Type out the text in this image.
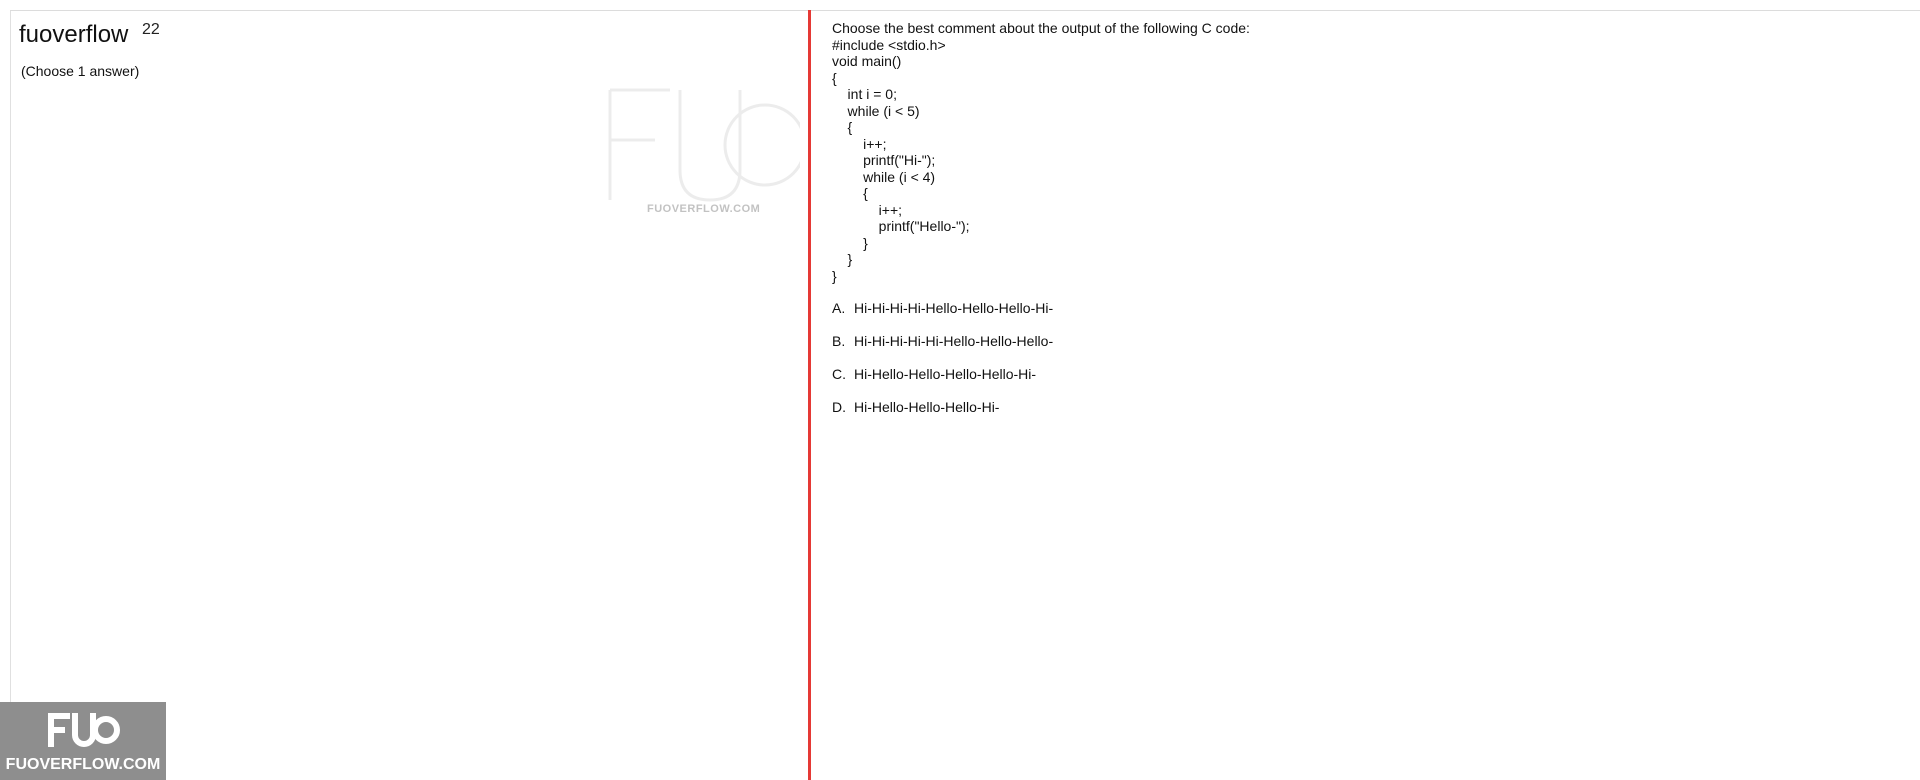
22
fuoverflow
(Choose 1 answer)
FUOVERFLOW.COM
Choose the best comment about the output of the following C code:
#include <stdio.h>
void main()
{
int i = 0;
while (i < 5)
{
i++;
printf("Hi-");
while (i < 4)
{
i++;
printf("Hello-");
}
}
}
A. Hi-Hi-Hi-Hi-Hello-Hello-Hello-Hi-
B. Hi-Hi-Hi-Hi-Hi-Hello-Hello-Hello-
C. Hi-Hello-Hello-Hello-Hello-Hi-
D. Hi-Hello-Hello-Hello-Hi-
FUOVERFLOW.COM
